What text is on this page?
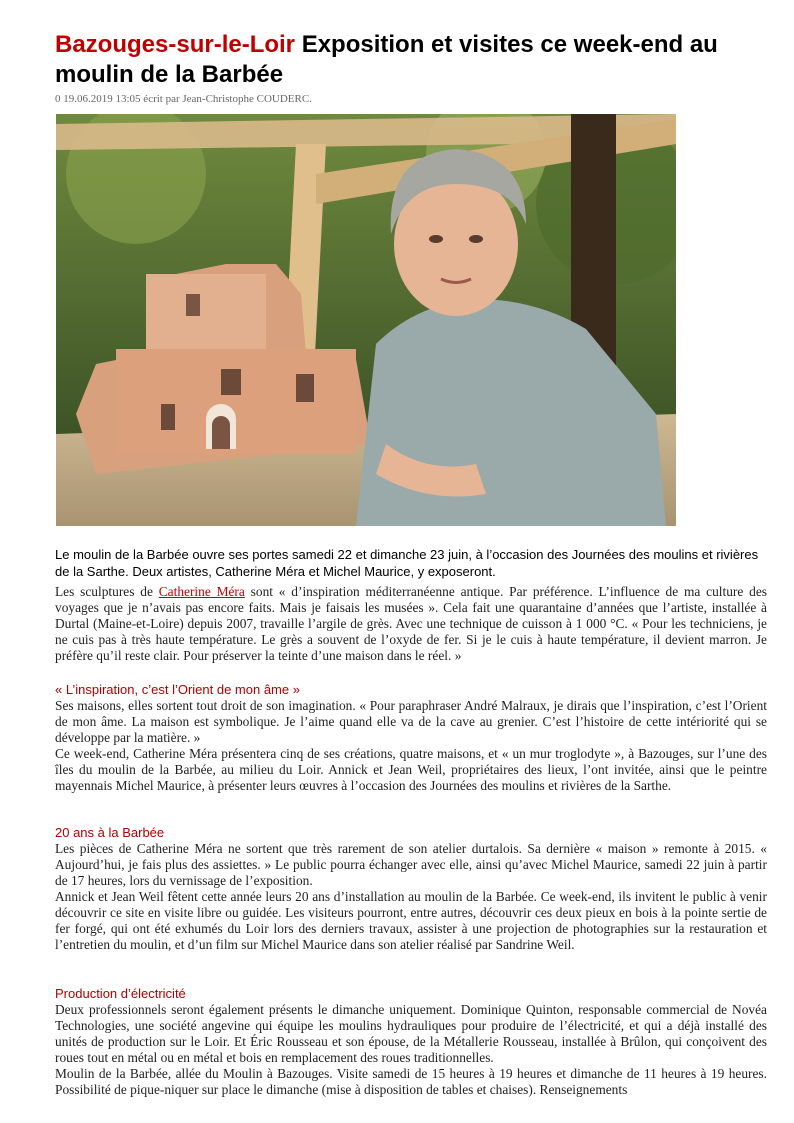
Bazouges-sur-le-Loir Exposition et visites ce week-end au moulin de la Barbée
0 19.06.2019 13:05 écrit par Jean-Christophe COUDERC.

Le moulin de la Barbée ouvre ses portes samedi 22 et dimanche 23 juin, à l’occasion des Journées des moulins et rivières de la Sarthe. Deux artistes, Catherine Méra et Michel Maurice, y exposeront.

Les sculptures de Catherine Méra sont « d’inspiration méditerranéenne antique. Par préférence. L’influence de ma culture des voyages que je n’avais pas encore faits. Mais je faisais les musées ». Cela fait une quarantaine d’années que l’artiste, installée à Durtal (Maine-et-Loire) depuis 2007, travaille l’argile de grès. Avec une technique de cuisson à 1 000 °C. « Pour les techniciens, je ne cuis pas à très haute température. Le grès a souvent de l’oxyde de fer. Si je le cuis à haute température, il devient marron. Je préfère qu’il reste clair. Pour préserver la teinte d’une maison dans le réel. »

« L’inspiration, c’est l’Orient de mon âme »

Ses maisons, elles sortent tout droit de son imagination. « Pour paraphraser André Malraux, je dirais que l’inspiration, c’est l’Orient de mon âme. La maison est symbolique. Je l’aime quand elle va de la cave au grenier. C’est l’histoire de cette intériorité qui se développe par la matière. »

Ce week-end, Catherine Méra présentera cinq de ses créations, quatre maisons, et « un mur troglodyte », à Bazouges, sur l’une des îles du moulin de la Barbée, au milieu du Loir. Annick et Jean Weil, propriétaires des lieux, l’ont invitée, ainsi que le peintre mayennais Michel Maurice, à présenter leurs œuvres à l’occasion des Journées des moulins et rivières de la Sarthe.

20 ans à la Barbée

Les pièces de Catherine Méra ne sortent que très rarement de son atelier durtalois. Sa dernière « maison » remonte à 2015. « Aujourd’hui, je fais plus des assiettes. » Le public pourra échanger avec elle, ainsi qu’avec Michel Maurice, samedi 22 juin à partir de 17 heures, lors du vernissage de l’exposition.

Annick et Jean Weil fêtent cette année leurs 20 ans d’installation au moulin de la Barbée. Ce week-end, ils invitent le public à venir découvrir ce site en visite libre ou guidée. Les visiteurs pourront, entre autres, découvrir ces deux pieux en bois à la pointe sertie de fer forgé, qui ont été exhumés du Loir lors des derniers travaux, assister à une projection de photographies sur la restauration et l’entretien du moulin, et d’un film sur Michel Maurice dans son atelier réalisé par Sandrine Weil.

Production d’électricité

Deux professionnels seront également présents le dimanche uniquement. Dominique Quinton, responsable commercial de Novéa Technologies, une société angevine qui équipe les moulins hydrauliques pour produire de l’électricité, et qui a déjà installé des unités de production sur le Loir. Et Éric Rousseau et son épouse, de la Métallerie Rousseau, installée à Brûlon, qui conçoivent des roues tout en métal ou en métal et bois en remplacement des roues traditionnelles.

Moulin de la Barbée, allée du Moulin à Bazouges. Visite samedi de 15 heures à 19 heures et dimanche de 11 heures à 19 heures. Possibilité de pique-niquer sur place le dimanche (mise à disposition de tables et chaises). Renseignements
